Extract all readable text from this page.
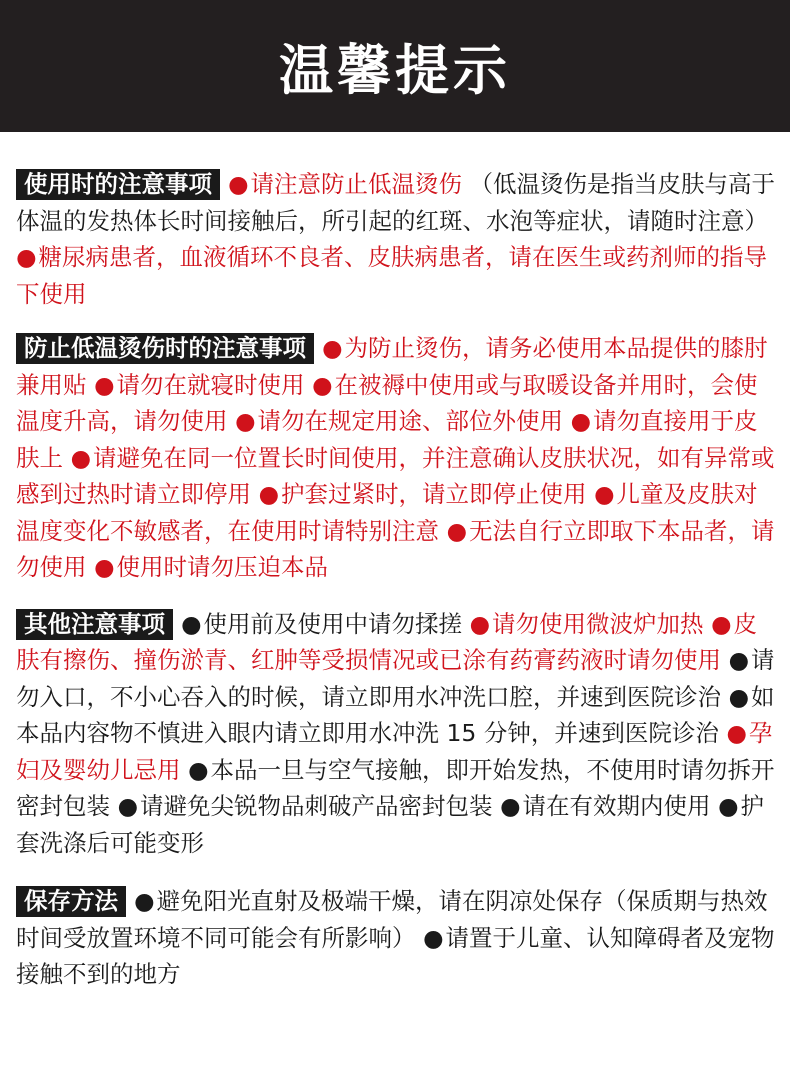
温馨提示
使用时的注意事项 ●请注意防止低温烫伤 （低温烫伤是指当皮肤与高于体温的发热体长时间接触后，所引起的红斑、水泡等症状，请随时注意） ●糖尿病患者，血液循环不良者、皮肤病患者，请在医生或药剂师的指导下使用
防止低温烫伤时的注意事项 ●为防止烫伤，请务必使用本品提供的膝肘兼用贴 ●请勿在就寝时使用 ●在被褥中使用或与取暖设备并用时，会使温度升高，请勿使用 ●请勿在规定用途、部位外使用 ●请勿直接用于皮肤上 ●请避免在同一位置长时间使用，并注意确认皮肤状况，如有异常或感到过热时请立即停用 ●护套过紧时，请立即停止使用 ●儿童及皮肤对温度变化不敏感者，在使用时请特别注意 ●无法自行立即取下本品者，请勿使用 ●使用时请勿压迫本品
其他注意事项 ●使用前及使用中请勿揉搓 ●请勿使用微波炉加热 ●皮肤有擦伤、撞伤淤青、红肿等受损情况或已涂有药膏药液时请勿使用 ●请勿入口，不小心吞入的时候，请立即用水冲洗口腔，并速到医院诊治 ●如本品内容物不慎进入眼内请立即用水冲洗 15 分钟，并速到医院诊治 ●孕妇及婴幼儿忌用 ●本品一旦与空气接触，即开始发热，不使用时请勿拆开密封包装 ●请避免尖锐物品刺破产品密封包装 ●请在有效期内使用 ●护套洗涤后可能变形
保存方法 ●避免阳光直射及极端干燥，请在阴凉处保存（保质期与热效时间受放置环境不同可能会有所影响） ●请置于儿童、认知障碍者及宠物接触不到的地方
